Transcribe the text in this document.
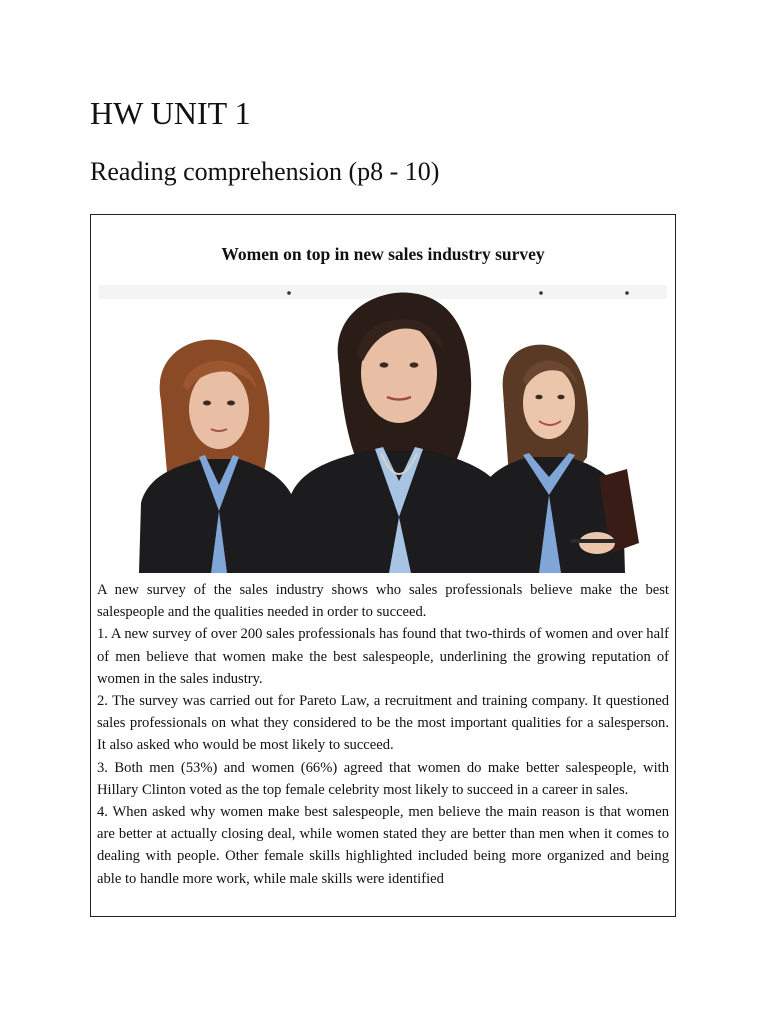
HW UNIT 1
Reading comprehension (p8 - 10)
Women on top in new sales industry survey

A new survey of the sales industry shows who sales professionals believe make the best salespeople and the qualities needed in order to succeed.

1. A new survey of over 200 sales professionals has found that two-thirds of women and over half of men believe that women make the best salespeople, underlining the growing reputation of women in the sales industry.

2. The survey was carried out for Pareto Law, a recruitment and training company. It questioned sales professionals on what they considered to be the most important qualities for a salesperson. It also asked who would be most likely to succeed.

3. Both men (53%) and women (66%) agreed that women do make better salespeople, with Hillary Clinton voted as the top female celebrity most likely to succeed in a career in sales.

4. When asked why women make best salespeople, men believe the main reason is that women are better at actually closing deal, while women stated they are better than men when it comes to dealing with people. Other female skills highlighted included being more organized and being able to handle more work, while male skills were identified
